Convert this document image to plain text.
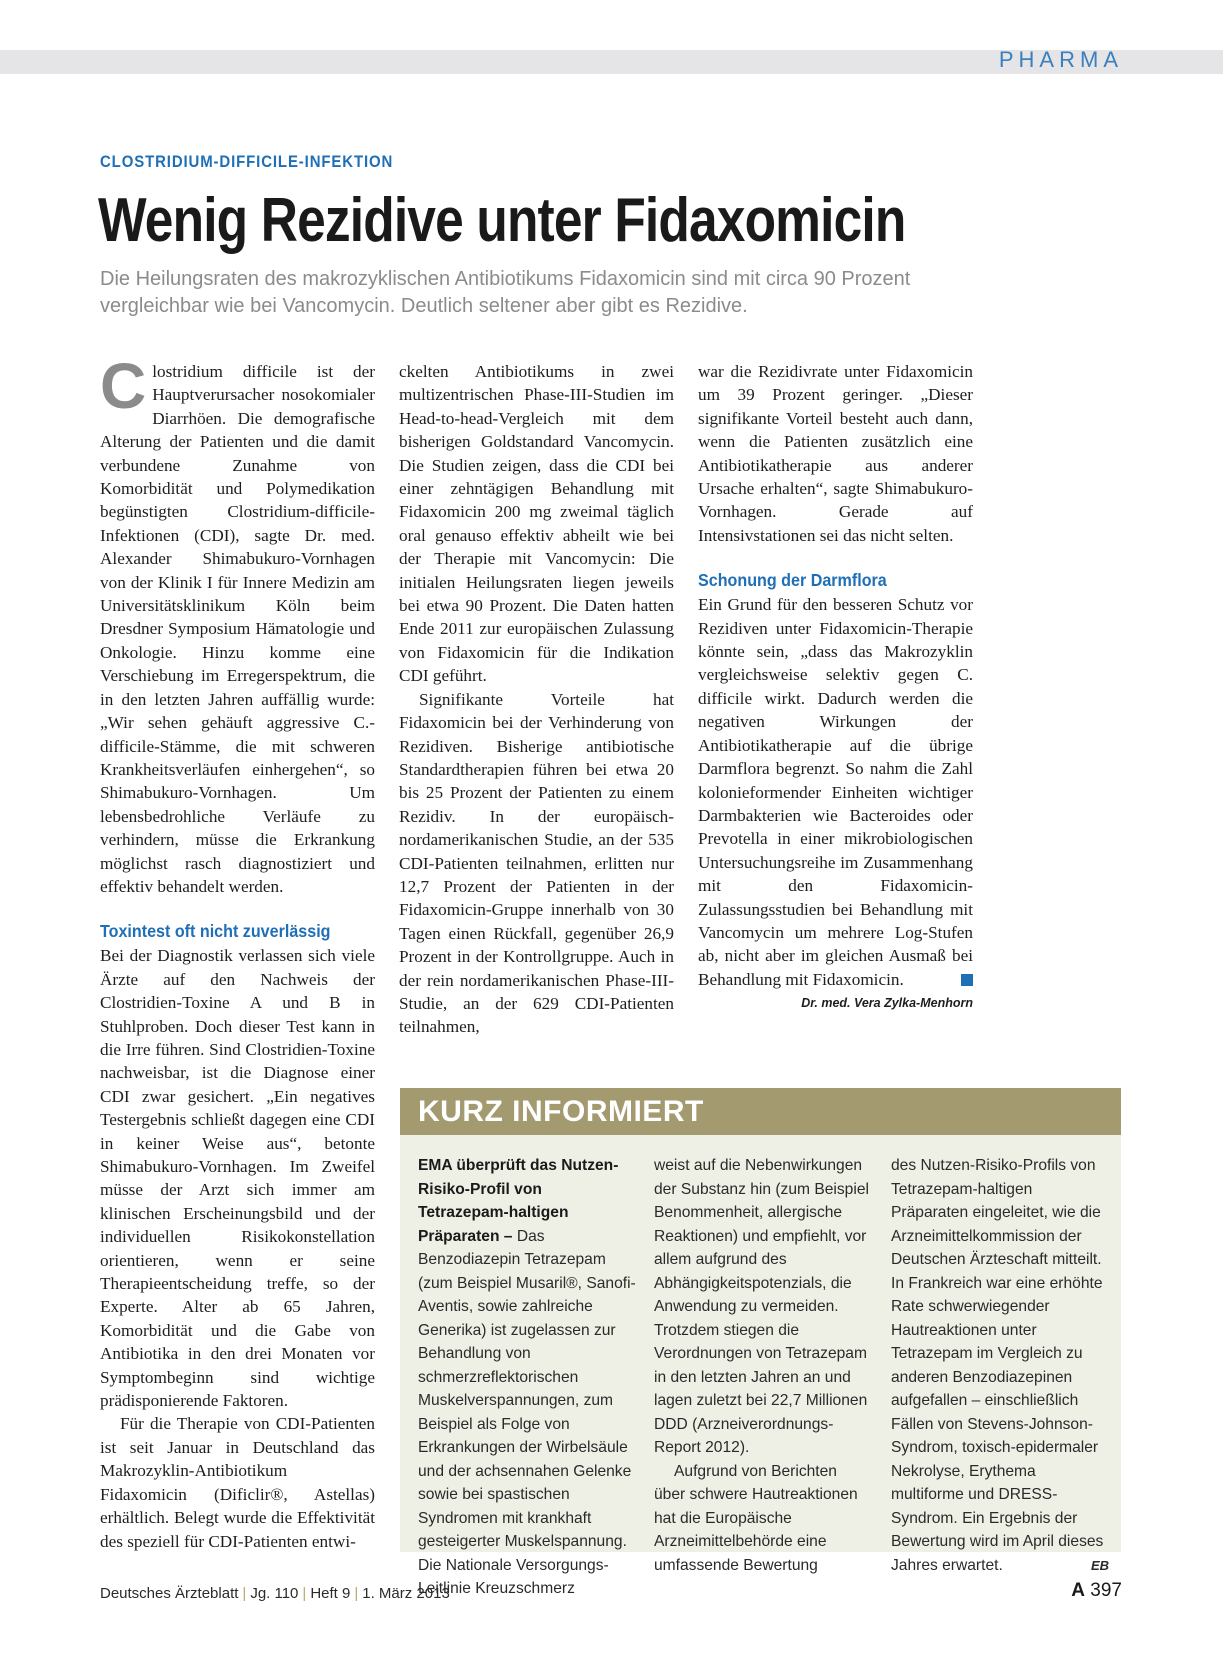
PHARMA
CLOSTRIDIUM-DIFFICILE-INFEKTION
Wenig Rezidive unter Fidaxomicin
Die Heilungsraten des makrozyklischen Antibiotikums Fidaxomicin sind mit circa 90 Prozent vergleichbar wie bei Vancomycin. Deutlich seltener aber gibt es Rezidive.

Clostridium difficile ist der Hauptverursacher nosokomialer Diarrhöen. Die demografische Alterung der Patienten und die damit verbundene Zunahme von Komorbidität und Polymedikation begünstigten Clostridium-difficile-Infektionen (CDI), sagte Dr. med. Alexander Shimabukuro-Vornhagen von der Klinik I für Innere Medizin am Universitätsklinikum Köln beim Dresdner Symposium Hämatologie und Onkologie. Hinzu komme eine Verschiebung im Erregerspektrum, die in den letzten Jahren auffällig wurde: „Wir sehen gehäuft aggressive C.-difficile-Stämme, die mit schweren Krankheitsverläufen einhergehen“, so Shimabukuro-Vornhagen. Um lebensbedrohliche Verläufe zu verhindern, müsse die Erkrankung möglichst rasch diagnostiziert und effektiv behandelt werden.

Toxintest oft nicht zuverlässig

Bei der Diagnostik verlassen sich viele Ärzte auf den Nachweis der Clostridien-Toxine A und B in Stuhlproben. Doch dieser Test kann in die Irre führen. Sind Clostridien-Toxine nachweisbar, ist die Diagnose einer CDI zwar gesichert. „Ein negatives Testergebnis schließt dagegen eine CDI in keiner Weise aus“, betonte Shimabukuro-Vornhagen. Im Zweifel müsse der Arzt sich immer am klinischen Erscheinungsbild und der individuellen Risikokonstellation orientieren, wenn er seine Therapieentscheidung treffe, so der Experte. Alter ab 65 Jahren, Komorbidität und die Gabe von Antibiotika in den drei Monaten vor Symptombeginn sind wichtige prädisponierende Faktoren.

Für die Therapie von CDI-Patienten ist seit Januar in Deutschland das Makrozyklin-Antibiotikum Fidaxomicin (Dificlir®, Astellas) erhältlich. Belegt wurde die Effektivität des speziell für CDI-Patienten entwi-

ckelten Antibiotikums in zwei multizentrischen Phase-III-Studien im Head-to-head-Vergleich mit dem bisherigen Goldstandard Vancomycin. Die Studien zeigen, dass die CDI bei einer zehntägigen Behandlung mit Fidaxomicin 200 mg zweimal täglich oral genauso effektiv abheilt wie bei der Therapie mit Vancomycin: Die initialen Heilungsraten liegen jeweils bei etwa 90 Prozent. Die Daten hatten Ende 2011 zur europäischen Zulassung von Fidaxomicin für die Indikation CDI geführt.

Signifikante Vorteile hat Fidaxomicin bei der Verhinderung von Rezidiven. Bisherige antibiotische Standardtherapien führen bei etwa 20 bis 25 Prozent der Patienten zu einem Rezidiv. In der europäisch-nordamerikanischen Studie, an der 535 CDI-Patienten teilnahmen, erlitten nur 12,7 Prozent der Patienten in der Fidaxomicin-Gruppe innerhalb von 30 Tagen einen Rückfall, gegenüber 26,9 Prozent in der Kontrollgruppe. Auch in der rein nordamerikanischen Phase-III-Studie, an der 629 CDI-Patienten teilnahmen,

war die Rezidivrate unter Fidaxomicin um 39 Prozent geringer. „Dieser signifikante Vorteil besteht auch dann, wenn die Patienten zusätzlich eine Antibiotikatherapie aus anderer Ursache erhalten“, sagte Shimabukuro-Vornhagen. Gerade auf Intensivstationen sei das nicht selten.

Schonung der Darmflora

Ein Grund für den besseren Schutz vor Rezidiven unter Fidaxomicin-Therapie könnte sein, „dass das Makrozyklin vergleichsweise selektiv gegen C. difficile wirkt. Dadurch werden die negativen Wirkungen der Antibiotikatherapie auf die übrige Darmflora begrenzt. So nahm die Zahl kolonieformender Einheiten wichtiger Darmbakterien wie Bacteroides oder Prevotella in einer mikrobiologischen Untersuchungsreihe im Zusammenhang mit den Fidaxomicin-Zulassungsstudien bei Behandlung mit Vancomycin um mehrere Log-Stufen ab, nicht aber im gleichen Ausmaß bei Behandlung mit Fidaxomicin.

Dr. med. Vera Zylka-Menhorn

KURZ INFORMIERT

EMA überprüft das Nutzen-Risiko-Profil von Tetrazepam-haltigen Präparaten – Das Benzodiazepin Tetrazepam (zum Beispiel Musaril®, Sanofi-Aventis, sowie zahlreiche Generika) ist zugelassen zur Behandlung von schmerzreflektorischen Muskelverspannungen, zum Beispiel als Folge von Erkrankungen der Wirbelsäule und der achsennahen Gelenke sowie bei spastischen Syndromen mit krankhaft gesteigerter Muskelspannung. Die Nationale Versorgungs-Leitlinie Kreuzschmerz

weist auf die Nebenwirkungen der Substanz hin (zum Beispiel Benommenheit, allergische Reaktionen) und empfiehlt, vor allem aufgrund des Abhängigkeitspotenzials, die Anwendung zu vermeiden. Trotzdem stiegen die Verordnungen von Tetrazepam in den letzten Jahren an und lagen zuletzt bei 22,7 Millionen DDD (Arzneiverordnungs-Report 2012).

Aufgrund von Berichten über schwere Hautreaktionen hat die Europäische Arzneimittelbehörde eine umfassende Bewertung

des Nutzen-Risiko-Profils von Tetrazepam-haltigen Präparaten eingeleitet, wie die Arzneimittelkommission der Deutschen Ärzteschaft mitteilt. In Frankreich war eine erhöhte Rate schwerwiegender Hautreaktionen unter Tetrazepam im Vergleich zu anderen Benzodiazepinen aufgefallen – einschließlich Fällen von Stevens-Johnson-Syndrom, toxisch-epidermaler Nekrolyse, Erythema multiforme und DRESS-Syndrom. Ein Ergebnis der Bewertung wird im April dieses Jahres erwartet.	EB

Deutsches Ärzteblatt | Jg. 110 | Heft 9 | 1. März 2013	A 397
